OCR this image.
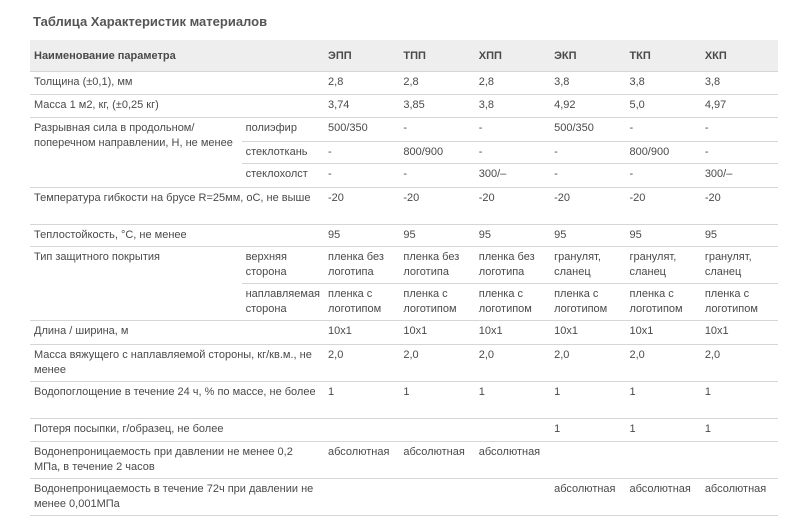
Таблица Характеристик материалов
Наименование параметра		ЭПП	ТПП	ХПП	ЭКП	ТКП	ХКП
Толщина (±0,1), мм		2,8	2,8	2,8	3,8	3,8	3,8
Масса 1 м2, кг, (±0,25 кг)		3,74	3,85	3,8	4,92	5,0	4,97
Разрывная сила в продольном/поперечном направлении, Н, не менее	полиэфир	500/350	-	-	500/350	-	-
	стеклоткань	-	800/900	-	-	800/900	-
	стеклохолст	-	-	300/–	-	-	300/–
Температура гибкости на брусе R=25мм, оС, не выше		-20	-20	-20	-20	-20	-20
Теплостойкость, °С, не менее		95	95	95	95	95	95
Тип защитного покрытия	верхняя сторона	пленка без логотипа	пленка без логотипа	пленка без логотипа	гранулят, сланец	гранулят, сланец	гранулят, сланец
	наплавляемая сторона	пленка с логотипом	пленка с логотипом	пленка с логотипом	пленка с логотипом	пленка с логотипом	пленка с логотипом
Длина / ширина, м		10x1	10x1	10x1	10x1	10x1	10x1
Масса вяжущего с наплавляемой стороны, кг/кв.м., не менее		2,0	2,0	2,0	2,0	2,0	2,0
Водопоглощение в течение 24 ч, % по массе, не более		1	1	1	1	1	1
Потеря посыпки, г/образец, не более					1	1	1
Водонепроницаемость при давлении не менее 0,2 МПа, в течение 2 часов		абсолютная	абсолютная	абсолютная			
Водонепроницаемость в течение 72ч при давлении не менее 0,001МПа					абсолютная	абсолютная	абсолютная
